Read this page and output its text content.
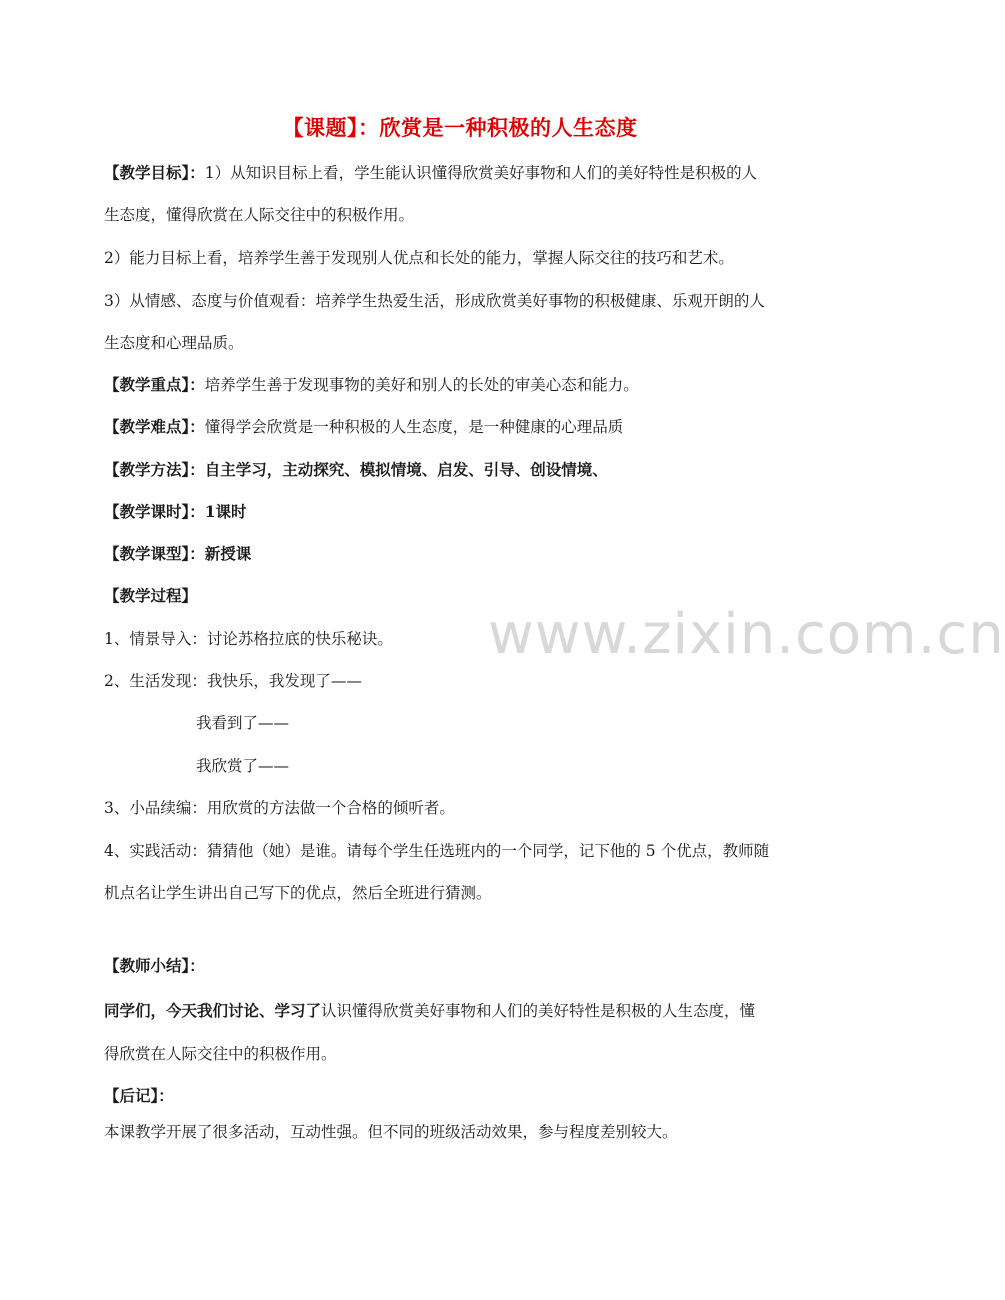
www.zixin.com.cn
【课题】：欣赏是一种积极的人生态度
【教学目标】：1）从知识目标上看，学生能认识懂得欣赏美好事物和人们的美好特性是积极的人
生态度，懂得欣赏在人际交往中的积极作用。
2）能力目标上看，培养学生善于发现别人优点和长处的能力，掌握人际交往的技巧和艺术。
3）从情感、态度与价值观看：培养学生热爱生活，形成欣赏美好事物的积极健康、乐观开朗的人
生态度和心理品质。
【教学重点】：培养学生善于发现事物的美好和别人的长处的审美心态和能力。
【教学难点】：懂得学会欣赏是一种积极的人生态度，是一种健康的心理品质
【教学方法】：自主学习，主动探究、模拟情境、启发、引导、创设情境、
【教学课时】：1课时
【教学课型】：新授课
【教学过程】
1、情景导入：讨论苏格拉底的快乐秘诀。
2、生活发现：我快乐，我发现了——
我看到了——
我欣赏了——
3、小品续编：用欣赏的方法做一个合格的倾听者。
4、实践活动：猜猜他（她）是谁。请每个学生任选班内的一个同学，记下他的 5 个优点，教师随
机点名让学生讲出自己写下的优点，然后全班进行猜测。
【教师小结】：
同学们，今天我们讨论、学习了认识懂得欣赏美好事物和人们的美好特性是积极的人生态度，懂
得欣赏在人际交往中的积极作用。
【后记】：
本课教学开展了很多活动，互动性强。但不同的班级活动效果，参与程度差别较大。
